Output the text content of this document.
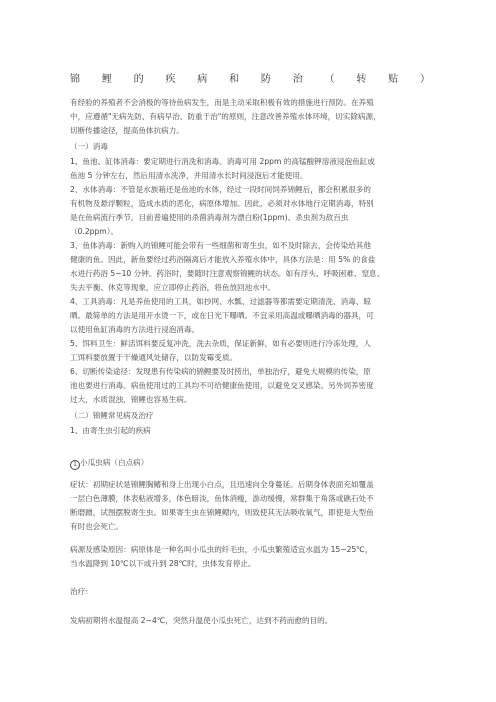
锦 鲤 的 疾 病 和 防 治 （ 转 贴 ）
有经验的养殖者不会消极的等待鱼病发生，而是主动采取积极有效的措施进行预防。在养殖
中，应遵循"无病先防、有病早治、防重于治"的原则，注意改善养殖水体环境，切实除病源，
切断传播途径，提高鱼体抗病力。
（一）消毒
1、鱼池、缸体消毒：要定期进行消洗和消毒。消毒可用 2ppm 的高锰酸钾溶液浸泡鱼缸或
鱼池 5 分钟左右，然后用清水洗净，并用清水长时间浸泡后才能使用。
2、水体消毒：不管是水族箱还是鱼池的水体，经过一段时间饲养锦鲤后，都会积累很多的
有机物及悬浮颗粒，造成水质的恶化，病原体增加。因此，必须对水体地行定期消毒，特别
是在鱼病流行季节。目前普遍使用的杀菌消毒剂为漂白粉(1ppm)、杀虫剂为敌百虫
（0.2ppm）。
3、鱼体消毒：新购入的锦鲤可能会带有一些细菌和寄生虫，如不及时除去，会传染给其他
健康的鱼。因此，新鱼要经过药浴隔离后才能放入养殖水体中，具体方法是：用 5% 的食盐
水进行药浴 5~10 分钟。药浴时，要随时注意观察锦鲤的状态。如有浮头、呼吸困难、窒息、
失去平衡、休克等现象，应立即停止药浴，将鱼放回池水中。
4、工具消毒：凡是养鱼使用的工具，如抄网、水瓢、过滤器等都需要定期清洗、消毒、晾
晒。最简单的方法是用开水烫一下，或在日光下曝晒。不宜采用高温或曝晒消毒的器具，可
以使用鱼缸消毒的方法进行浸泡消毒。
5、饵料卫生：鲜活饵料要反复冲洗，洗去杂质，保证新鲜，如有必要则进行冷冻处理，人
工饵料要放置于干燥通风处储存，以防发霉变质。
6、切断传染途径：发现患有传染病的锦鲤要及时捞出，单独治疗，避免大规模的传染，原
池也要进行消毒。病鱼使用过的工具均不可给健康鱼使用，以避免交叉感染。另外饲养密度
过大，水质混浊，锦鲤也容易生病。
（二）锦鲤常见病及治疗
1、由寄生虫引起的疾病
1 小瓜虫病（白点病）
症状：初期症状是锦鲤胸鳍和身上出现小白点，且迅速向全身蔓延。后期身体表面充如覆盖
一层白色薄膜，体表粘液增多，体色暗淡，鱼体消瘦，游动缓慢，常群集于角落或礁石处不
断磨蹭，试图摆脱寄生虫。如果寄生虫在锦鲤鳃内，则致使其无法吸收氧气，即使是大型鱼
有时也会死亡。
病源及感染原因：病原体是一种名叫小瓜虫的纤毛虫，小瓜虫繁殖适宜水温为 15~25℃，
当水温降到 10℃以下或升到 28℃时，虫体发育停止。
治疗：
发病初期将水温提高 2~4℃，突然升温使小瓜虫死亡，达到不药而愈的目的。
